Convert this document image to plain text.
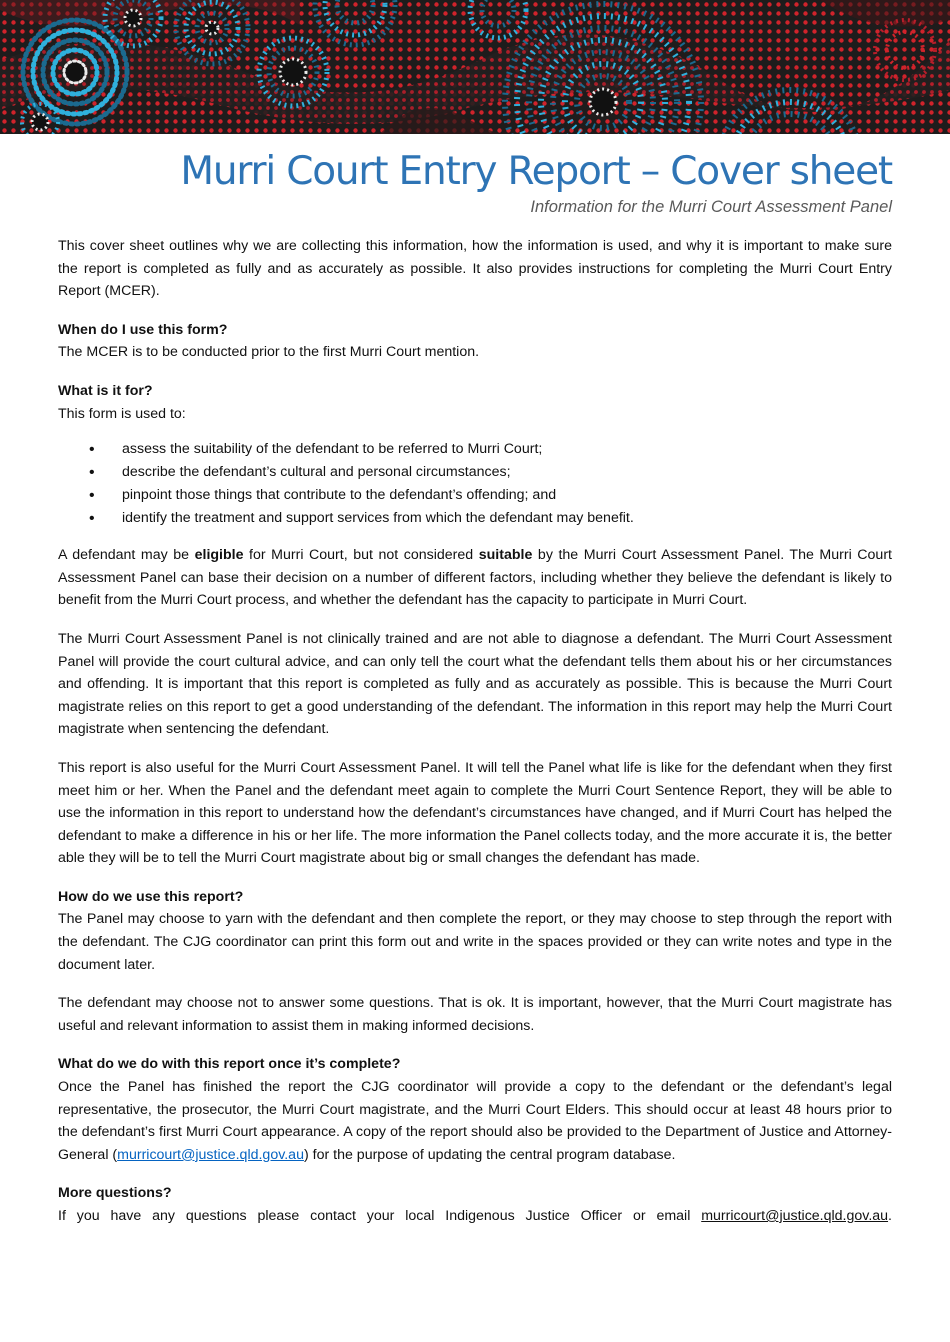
Murri Court Entry Report – Cover sheet
Information for the Murri Court Assessment Panel

This cover sheet outlines why we are collecting this information, how the information is used, and why it is important to make sure the report is completed as fully and as accurately as possible. It also provides instructions for completing the Murri Court Entry Report (MCER).

When do I use this form?

The MCER is to be conducted prior to the first Murri Court mention.

What is it for?

This form is used to:

• assess the suitability of the defendant to be referred to Murri Court;
• describe the defendant’s cultural and personal circumstances;
• pinpoint those things that contribute to the defendant’s offending; and
• identify the treatment and support services from which the defendant may benefit.

A defendant may be eligible for Murri Court, but not considered suitable by the Murri Court Assessment Panel. The Murri Court Assessment Panel can base their decision on a number of different factors, including whether they believe the defendant is likely to benefit from the Murri Court process, and whether the defendant has the capacity to participate in Murri Court.

The Murri Court Assessment Panel is not clinically trained and are not able to diagnose a defendant. The Murri Court Assessment Panel will provide the court cultural advice, and can only tell the court what the defendant tells them about his or her circumstances and offending. It is important that this report is completed as fully and as accurately as possible. This is because the Murri Court magistrate relies on this report to get a good understanding of the defendant. The information in this report may help the Murri Court magistrate when sentencing the defendant.

This report is also useful for the Murri Court Assessment Panel. It will tell the Panel what life is like for the defendant when they first meet him or her. When the Panel and the defendant meet again to complete the Murri Court Sentence Report, they will be able to use the information in this report to understand how the defendant’s circumstances have changed, and if Murri Court has helped the defendant to make a difference in his or her life. The more information the Panel collects today, and the more accurate it is, the better able they will be to tell the Murri Court magistrate about big or small changes the defendant has made.

How do we use this report?

The Panel may choose to yarn with the defendant and then complete the report, or they may choose to step through the report with the defendant. The CJG coordinator can print this form out and write in the spaces provided or they can write notes and type in the document later.

The defendant may choose not to answer some questions. That is ok. It is important, however, that the Murri Court magistrate has useful and relevant information to assist them in making informed decisions.

What do we do with this report once it’s complete?

Once the Panel has finished the report the CJG coordinator will provide a copy to the defendant or the defendant’s legal representative, the prosecutor, the Murri Court magistrate, and the Murri Court Elders. This should occur at least 48 hours prior to the defendant’s first Murri Court appearance. A copy of the report should also be provided to the Department of Justice and Attorney-General (murricourt@justice.qld.gov.au) for the purpose of updating the central program database.

More questions?

If you have any questions please contact your local Indigenous Justice Officer or email murricourt@justice.qld.gov.au.
